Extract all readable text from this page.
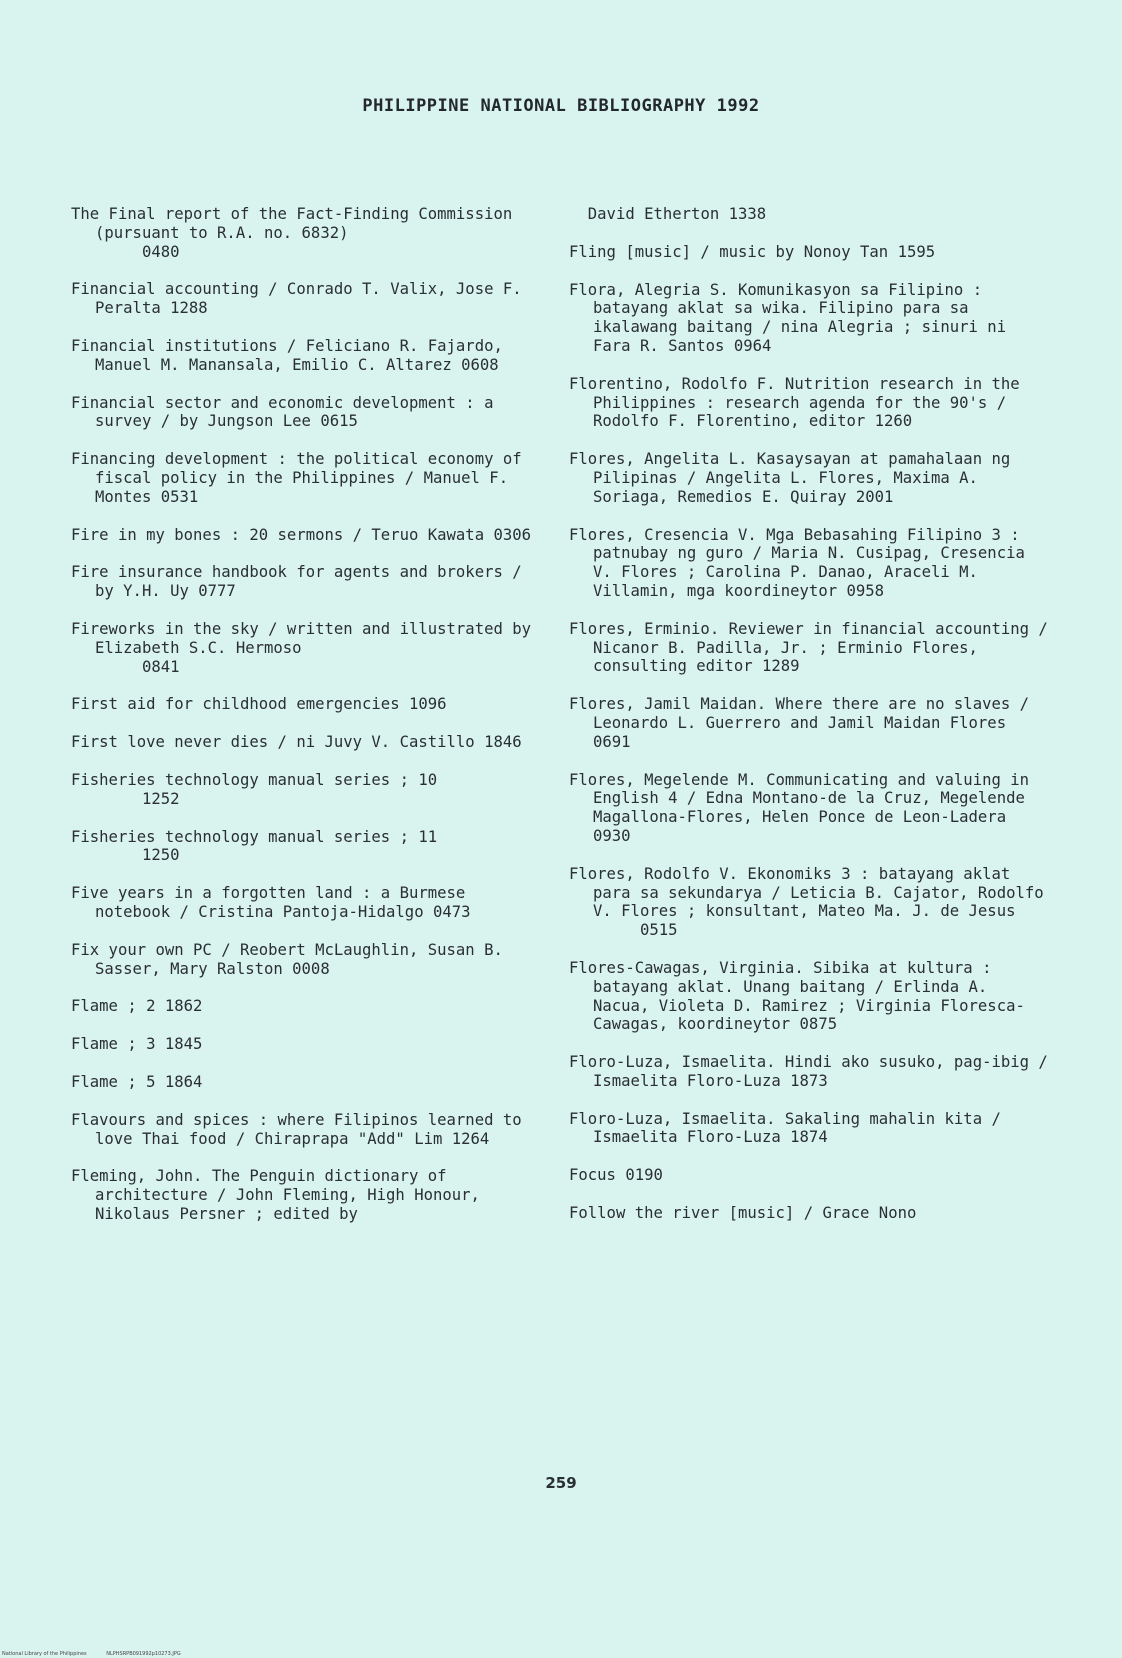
PHILIPPINE NATIONAL BIBLIOGRAPHY 1992

The Final report of the Fact-Finding Commission (pursuant to R.A. no. 6832)
0480

Financial accounting / Conrado T. Valix, Jose F. Peralta 1288

Financial institutions / Feliciano R. Fajardo, Manuel M. Manansala, Emilio C. Altarez 0608

Financial sector and economic development : a survey / by Jungson Lee 0615

Financing development : the political economy of fiscal policy in the Philippines / Manuel F. Montes 0531

Fire in my bones : 20 sermons / Teruo Kawata 0306

Fire insurance handbook for agents and brokers / by Y.H. Uy 0777

Fireworks in the sky / written and illustrated by Elizabeth S.C. Hermoso
0841

First aid for childhood emergencies 1096

First love never dies / ni Juvy V. Castillo 1846

Fisheries technology manual series ; 10
1252

Fisheries technology manual series ; 11
1250

Five years in a forgotten land : a Burmese notebook / Cristina Pantoja-Hidalgo 0473

Fix your own PC / Reobert McLaughlin, Susan B. Sasser, Mary Ralston 0008

Flame ; 2 1862

Flame ; 3 1845

Flame ; 5 1864

Flavours and spices : where Filipinos learned to love Thai food / Chiraprapa "Add" Lim 1264

Fleming, John. The Penguin dictionary of architecture / John Fleming, High Honour, Nikolaus Persner ; edited by

David Etherton 1338

Fling [music] / music by Nonoy Tan 1595

Flora, Alegria S. Komunikasyon sa Filipino : batayang aklat sa wika. Filipino para sa ikalawang baitang / nina Alegria ; sinuri ni Fara R. Santos 0964

Florentino, Rodolfo F. Nutrition research in the Philippines : research agenda for the 90's / Rodolfo F. Florentino, editor 1260

Flores, Angelita L. Kasaysayan at pamahalaan ng Pilipinas / Angelita L. Flores, Maxima A. Soriaga, Remedios E. Quiray 2001

Flores, Cresencia V. Mga Bebasahing Filipino 3 : patnubay ng guro / Maria N. Cusipag, Cresencia V. Flores ; Carolina P. Danao, Araceli M. Villamin, mga koordineytor 0958

Flores, Erminio. Reviewer in financial accounting / Nicanor B. Padilla, Jr. ; Erminio Flores, consulting editor 1289

Flores, Jamil Maidan. Where there are no slaves / Leonardo L. Guerrero and Jamil Maidan Flores 0691

Flores, Megelende M. Communicating and valuing in English 4 / Edna Montano-de la Cruz, Megelende Magallona-Flores, Helen Ponce de Leon-Ladera 0930

Flores, Rodolfo V. Ekonomiks 3 : batayang aklat para sa sekundarya / Leticia B. Cajator, Rodolfo V. Flores ; konsultant, Mateo Ma. J. de Jesus
0515

Flores-Cawagas, Virginia. Sibika at kultura : batayang aklat. Unang baitang / Erlinda A. Nacua, Violeta D. Ramirez ; Virginia Floresca-Cawagas, koordineytor 0875

Floro-Luza, Ismaelita. Hindi ako susuko, pag-ibig / Ismaelita Floro-Luza 1873

Floro-Luza, Ismaelita. Sakaling mahalin kita / Ismaelita Floro-Luza 1874

Focus 0190

Follow the river [music] / Grace Nono

259
National Library of the Philippines	NLPHSRPB091992p10273.JPG
